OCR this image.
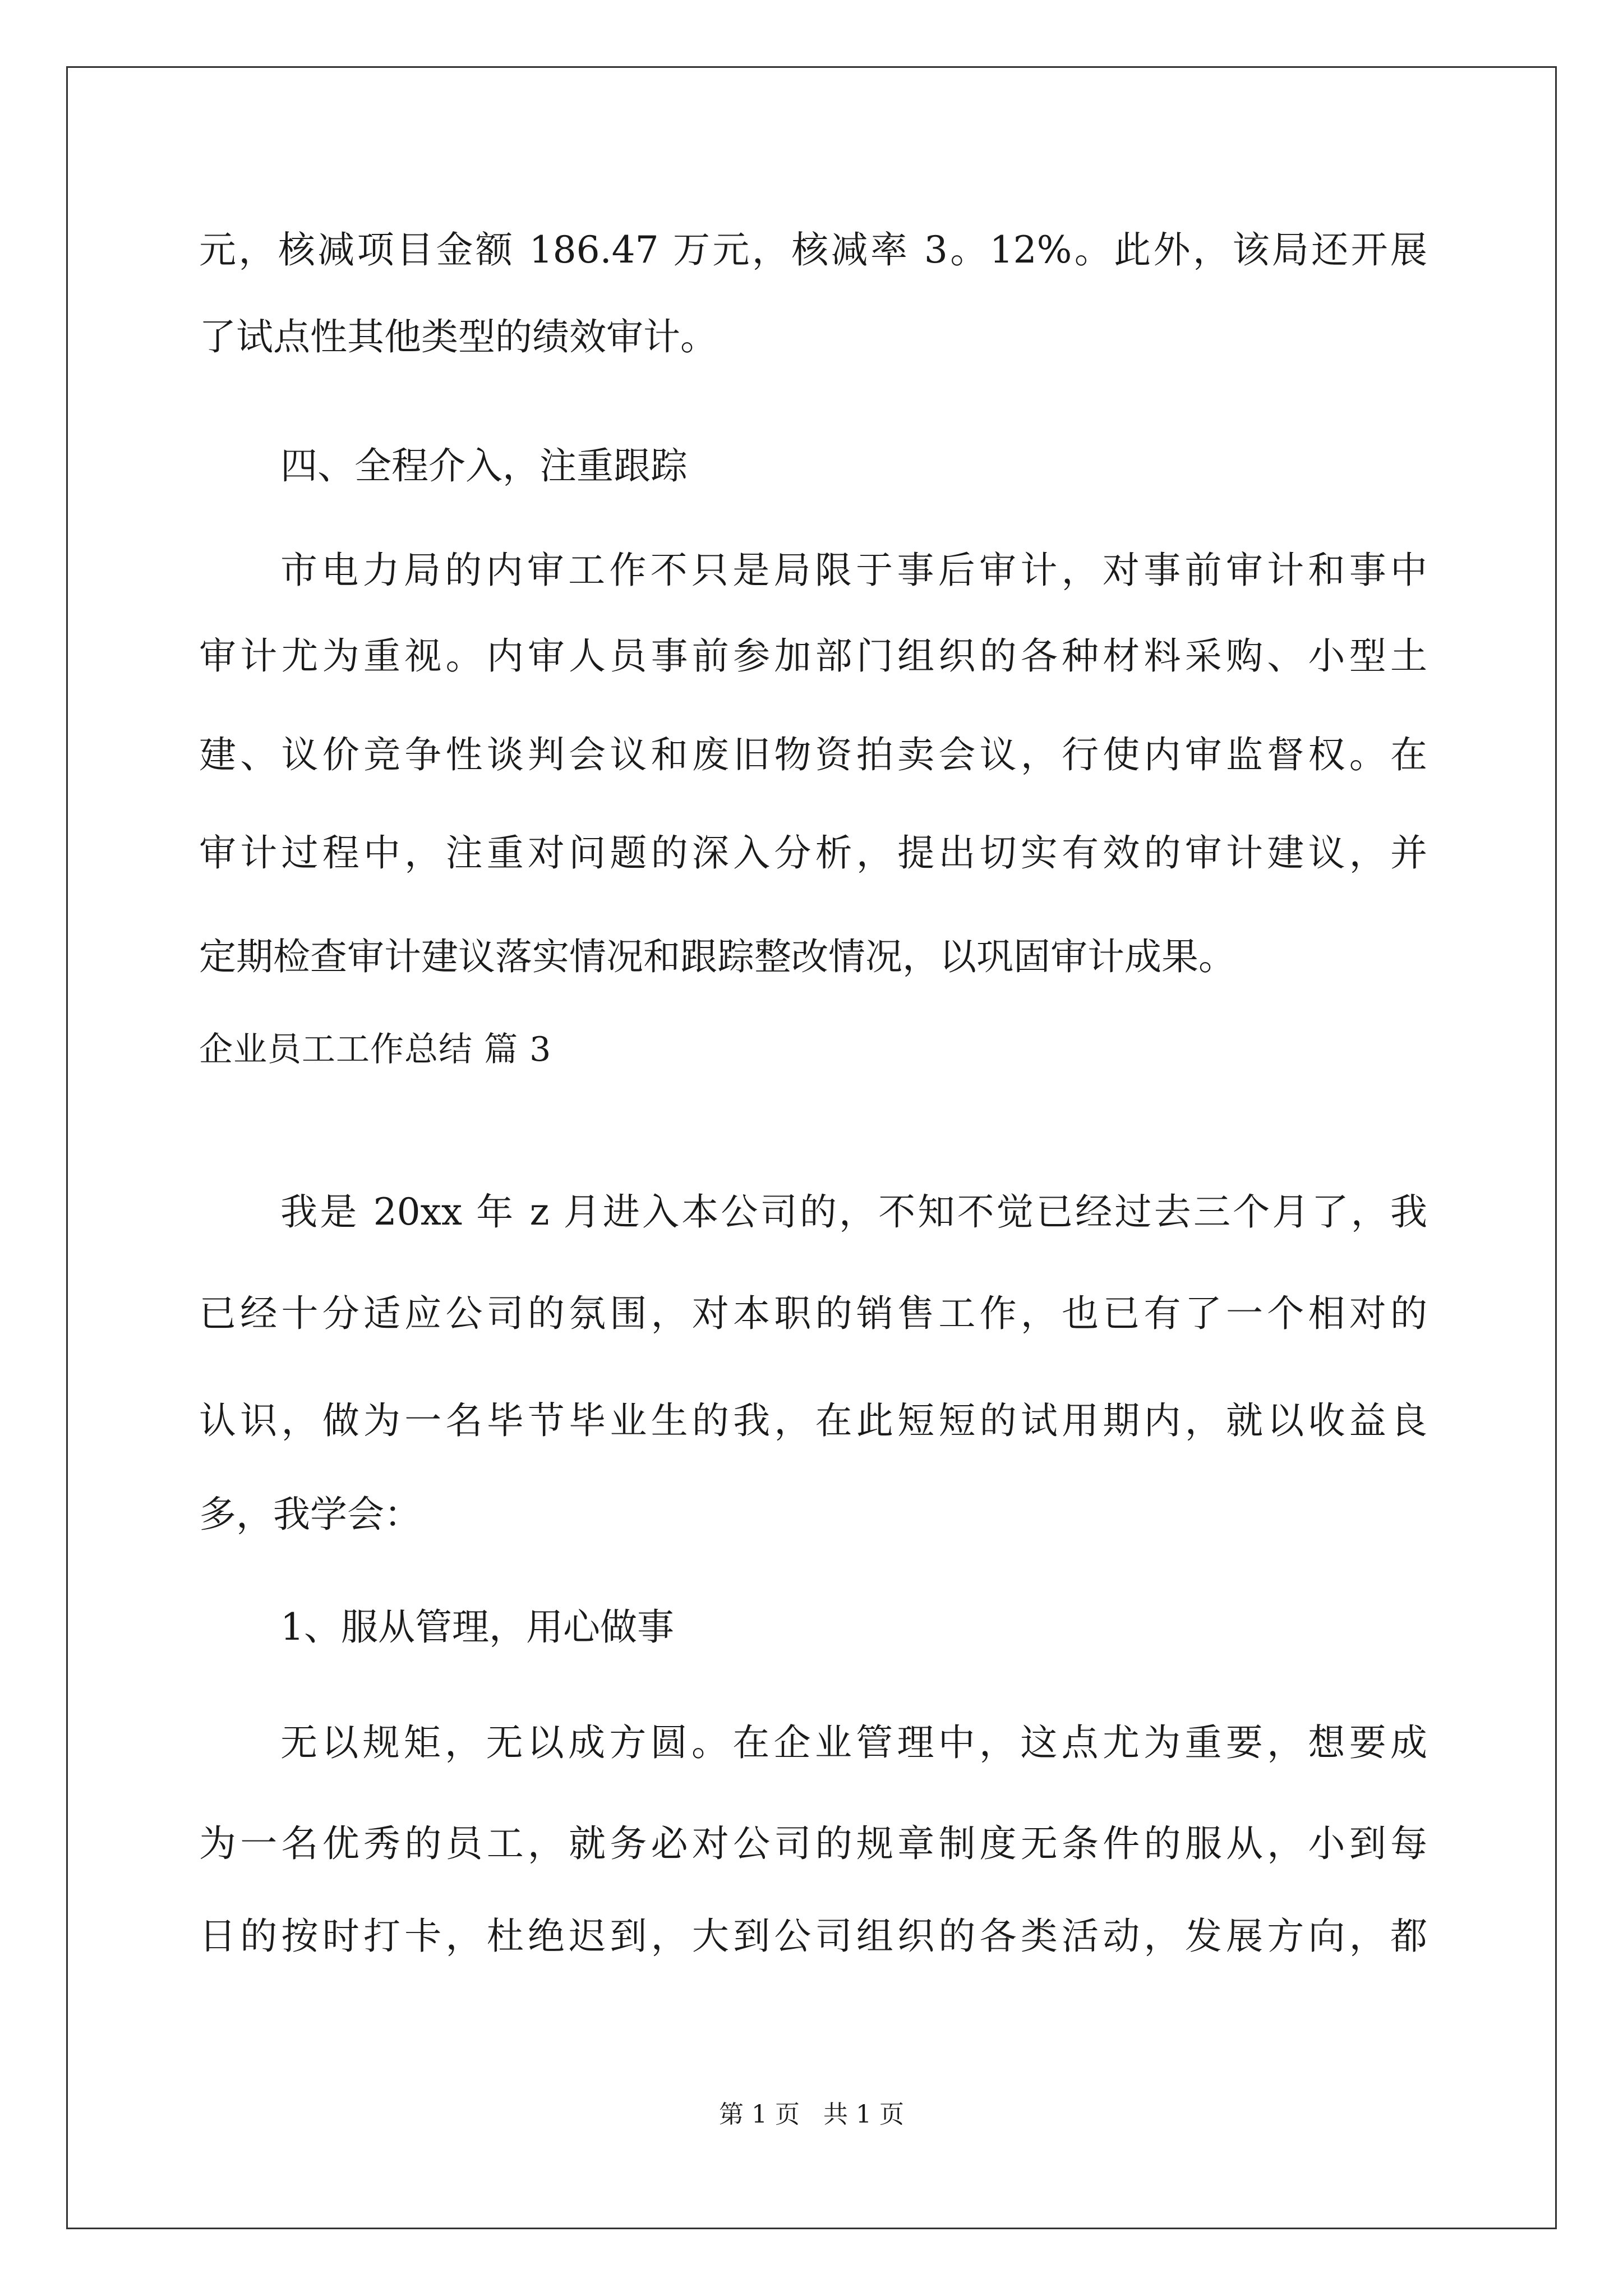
元，核减项目金额 186.47 万元，核减率 3。12%。此外，该局还开展

了试点性其他类型的绩效审计。

四、全程介入，注重跟踪

市电力局的内审工作不只是局限于事后审计，对事前审计和事中

审计尤为重视。内审人员事前参加部门组织的各种材料采购、小型土

建、议价竞争性谈判会议和废旧物资拍卖会议，行使内审监督权。在

审计过程中，注重对问题的深入分析，提出切实有效的审计建议，并

定期检查审计建议落实情况和跟踪整改情况，以巩固审计成果。

企业员工工作总结 篇 3

我是 20xx 年 z 月进入本公司的，不知不觉已经过去三个月了，我

已经十分适应公司的氛围，对本职的销售工作，也已有了一个相对的

认识，做为一名毕节毕业生的我，在此短短的试用期内，就以收益良

多，我学会：

1、服从管理，用心做事

无以规矩，无以成方圆。在企业管理中，这点尤为重要，想要成

为一名优秀的员工，就务必对公司的规章制度无条件的服从，小到每

日的按时打卡，杜绝迟到，大到公司组织的各类活动，发展方向，都

第 1 页   共 1 页
